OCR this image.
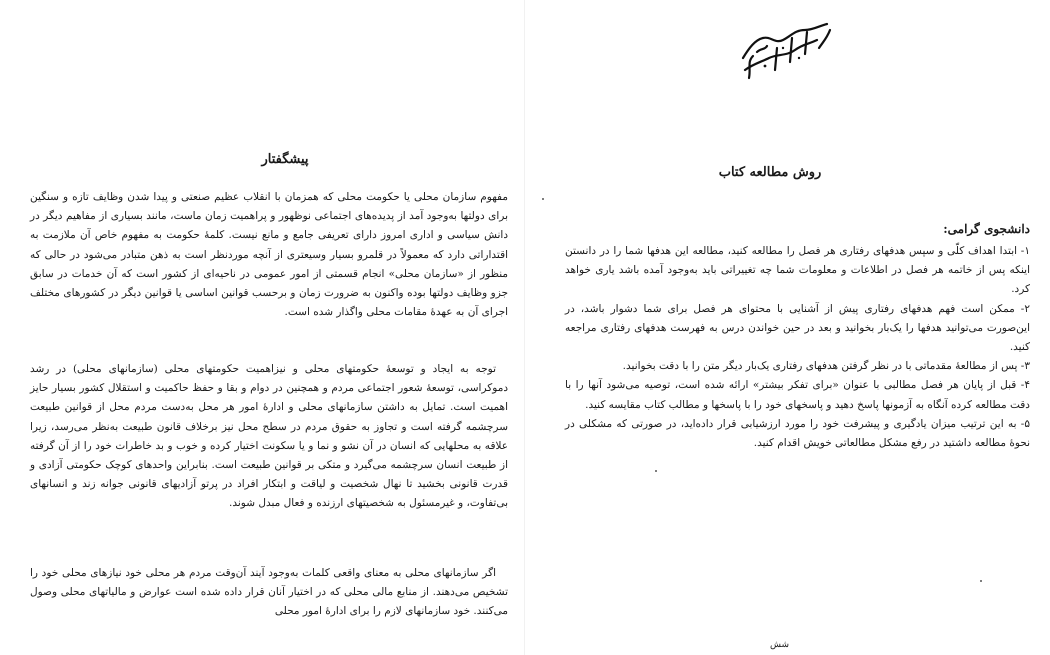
پیشگفتار
مفهوم سازمان محلی یا حکومت محلی که همزمان با انقلاب عظیم صنعتی و پیدا شدن وظایف تازه و سنگین برای دولتها به‌وجود آمد از پدیده‌های اجتماعی نوظهور و پراهمیت زمان ماست، مانند بسیاری از مفاهیم دیگر در دانش سیاسی و اداری امروز دارای تعریفی جامع و مانع نیست. کلمهٔ حکومت به مفهوم خاص آن ملازمت به اقتداراتی دارد که معمولاً در قلمرو بسیار وسیعتری از آنچه موردنظر است به ذهن متبادر می‌شود در حالی که منظور از «سازمان محلی» انجام قسمتی از امور عمومی در ناحیه‌ای از کشور است که آن خدمات در سابق جزو وظایف دولتها بوده واکنون به ضرورت زمان و برحسب قوانین اساسی یا قوانین دیگر در کشورهای مختلف اجرای آن به عهدهٔ مقامات محلی واگذار شده است.
توجه به ایجاد و توسعهٔ حکومتهای محلی و نیزاهمیت حکومتهای محلی (سازمانهای محلی) در رشد دموکراسی، توسعهٔ شعور اجتماعی مردم و همچنین در دوام و بقا و حفظ حاکمیت و استقلال کشور بسیار حایز اهمیت است. تمایل به داشتن سازمانهای محلی و ادارهٔ امور هر محل به‌دست مردم محل از قوانین طبیعت سرچشمه گرفته است و تجاوز به حقوق مردم در سطح محل نیز برخلاف قانون طبیعت به‌نظر می‌رسد، زیرا علاقه به محلهایی که انسان در آن نشو و نما و یا سکونت اختیار کرده و خوب و بد خاطرات خود را از آن گرفته از طبیعت انسان سرچشمه می‌گیرد و متکی بر قوانین طبیعت است. بنابراین واحدهای کوچک حکومتی آزادی و قدرت قانونی بخشید تا نهال شخصیت و لیاقت و ابتکار افراد در پرتو آزادیهای قانونی جوانه زند و انسانهای بی‌تفاوت، و غیرمسئول به شخصیتهای ارزنده و فعال مبدل شوند.
اگر سازمانهای محلی به معنای واقعی کلمات به‌وجود آیند آن‌وقت مردم هر محلی خود نیازهای محلی خود را تشخیص می‌دهند. از منابع مالی محلی که در اختیار آنان قرار داده شده است عوارض و مالیاتهای محلی وصول می‌کنند. خود سازمانهای لازم را برای ادارهٔ امور محلی
روش مطالعه کتاب
دانشجوی گرامی:

۱- ابتدا اهداف کلّی و سپس هدفهای رفتاری هر فصل را مطالعه کنید، مطالعه این هدفها شما را در دانستن اینکه پس از خاتمه هر فصل در اطلاعات و معلومات شما چه تغییراتی باید به‌وجود آمده باشد یاری خواهد کرد.

۲- ممکن است فهم هدفهای رفتاری پیش از آشنایی با محتوای هر فصل برای شما دشوار باشد، در این‌صورت می‌توانید هدفها را یک‌بار بخوانید و بعد در حین خواندن درس به فهرست هدفهای رفتاری مراجعه کنید.

۳- پس از مطالعهٔ مقدماتی با در نظر گرفتن هدفهای رفتاری یک‌بار دیگر متن را با دقت بخوانید.

۴- قبل از پایان هر فصل مطالبی با عنوان «برای تفکر بیشتر» ارائه شده است، توصیه می‌شود آنها را با دقت مطالعه کرده آنگاه به آزمونها پاسخ دهید و پاسخهای خود را با پاسخها و مطالب کتاب مقایسه کنید.

۵- به این ترتیب میزان یادگیری و پیشرفت خود را مورد ارزشیابی قرار داده‌اید، در صورتی که مشکلی در نحوهٔ مطالعه داشتید در رفع مشکل مطالعاتی خویش اقدام کنید.

شش
